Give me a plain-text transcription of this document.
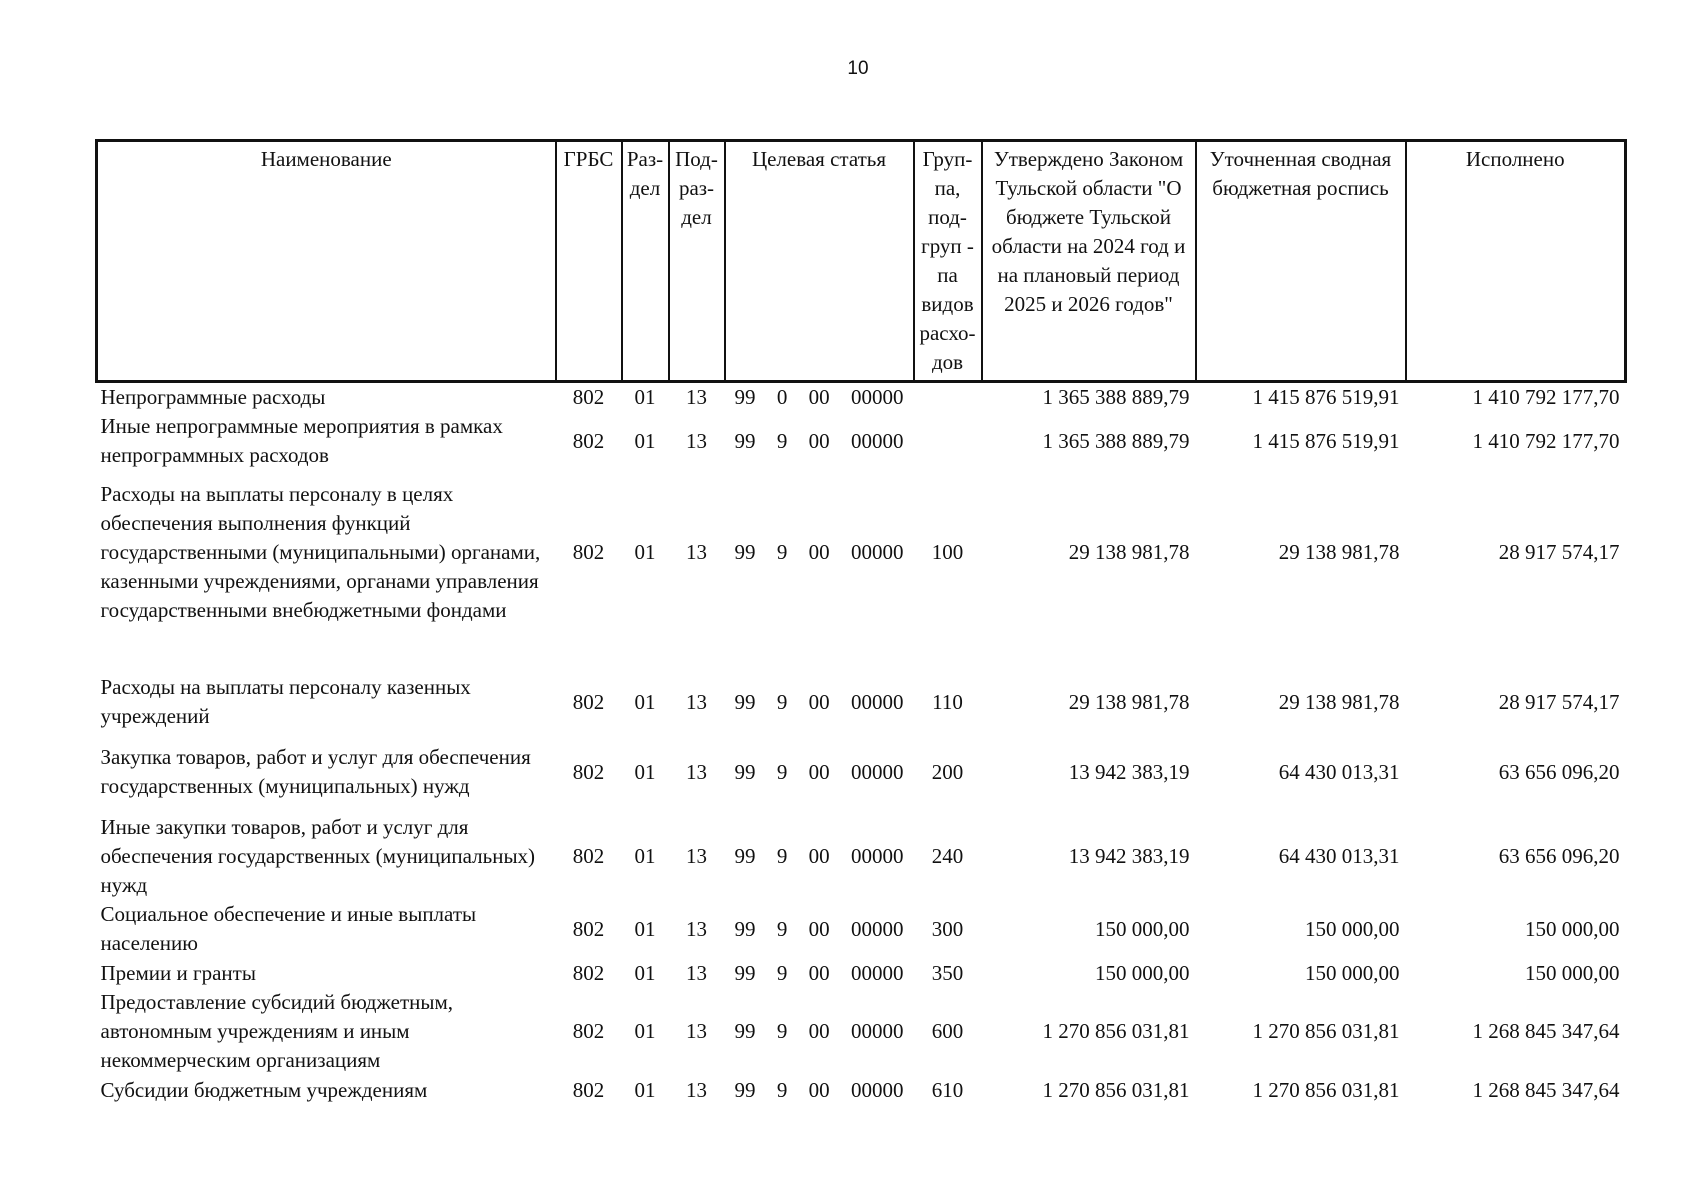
10
Наименование	ГРБС	Раз-дел	Под-раз-дел	Целевая статья	Груп-па, под-груп - па видов расхо-дов	Утверждено Законом Тульской области "О бюджете Тульской области на 2024 год и на плановый период 2025 и 2026 годов"	Уточненная сводная бюджетная роспись	Исполнено
Непрограммные расходы	802	01	13	99 0 00 00000		1 365 388 889,79	1 415 876 519,91	1 410 792 177,70
Иные непрограммные мероприятия в рамках непрограммных расходов	802	01	13	99 9 00 00000		1 365 388 889,79	1 415 876 519,91	1 410 792 177,70
Расходы на выплаты персоналу в целях обеспечения выполнения функций государственными (муниципальными) органами, казенными учреждениями, органами управления государственными внебюджетными фондами	802	01	13	99 9 00 00000	100	29 138 981,78	29 138 981,78	28 917 574,17

Расходы на выплаты персоналу казенных учреждений	802	01	13	99 9 00 00000	110	29 138 981,78	29 138 981,78	28 917 574,17
Закупка товаров, работ и услуг для обеспечения государственных (муниципальных) нужд	802	01	13	99 9 00 00000	200	13 942 383,19	64 430 013,31	63 656 096,20
Иные закупки товаров, работ и услуг для обеспечения государственных (муниципальных) нужд	802	01	13	99 9 00 00000	240	13 942 383,19	64 430 013,31	63 656 096,20
Социальное обеспечение и иные выплаты населению	802	01	13	99 9 00 00000	300	150 000,00	150 000,00	150 000,00
Премии и гранты	802	01	13	99 9 00 00000	350	150 000,00	150 000,00	150 000,00
Предоставление субсидий бюджетным, автономным учреждениям и иным некоммерческим организациям	802	01	13	99 9 00 00000	600	1 270 856 031,81	1 270 856 031,81	1 268 845 347,64
Субсидии бюджетным учреждениям	802	01	13	99 9 00 00000	610	1 270 856 031,81	1 270 856 031,81	1 268 845 347,64
